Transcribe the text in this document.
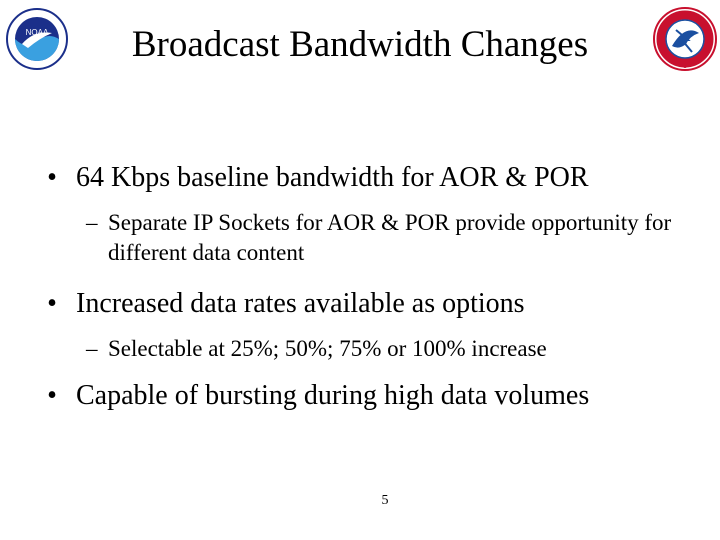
NOAA	Broadcast Bandwidth Changes
• 64 Kbps baseline bandwidth for AOR & POR
– Separate IP Sockets for AOR & POR provide opportunity for different data content
• Increased data rates available as options
– Selectable at 25%; 50%; 75% or 100% increase
• Capable of bursting during high data volumes
5
